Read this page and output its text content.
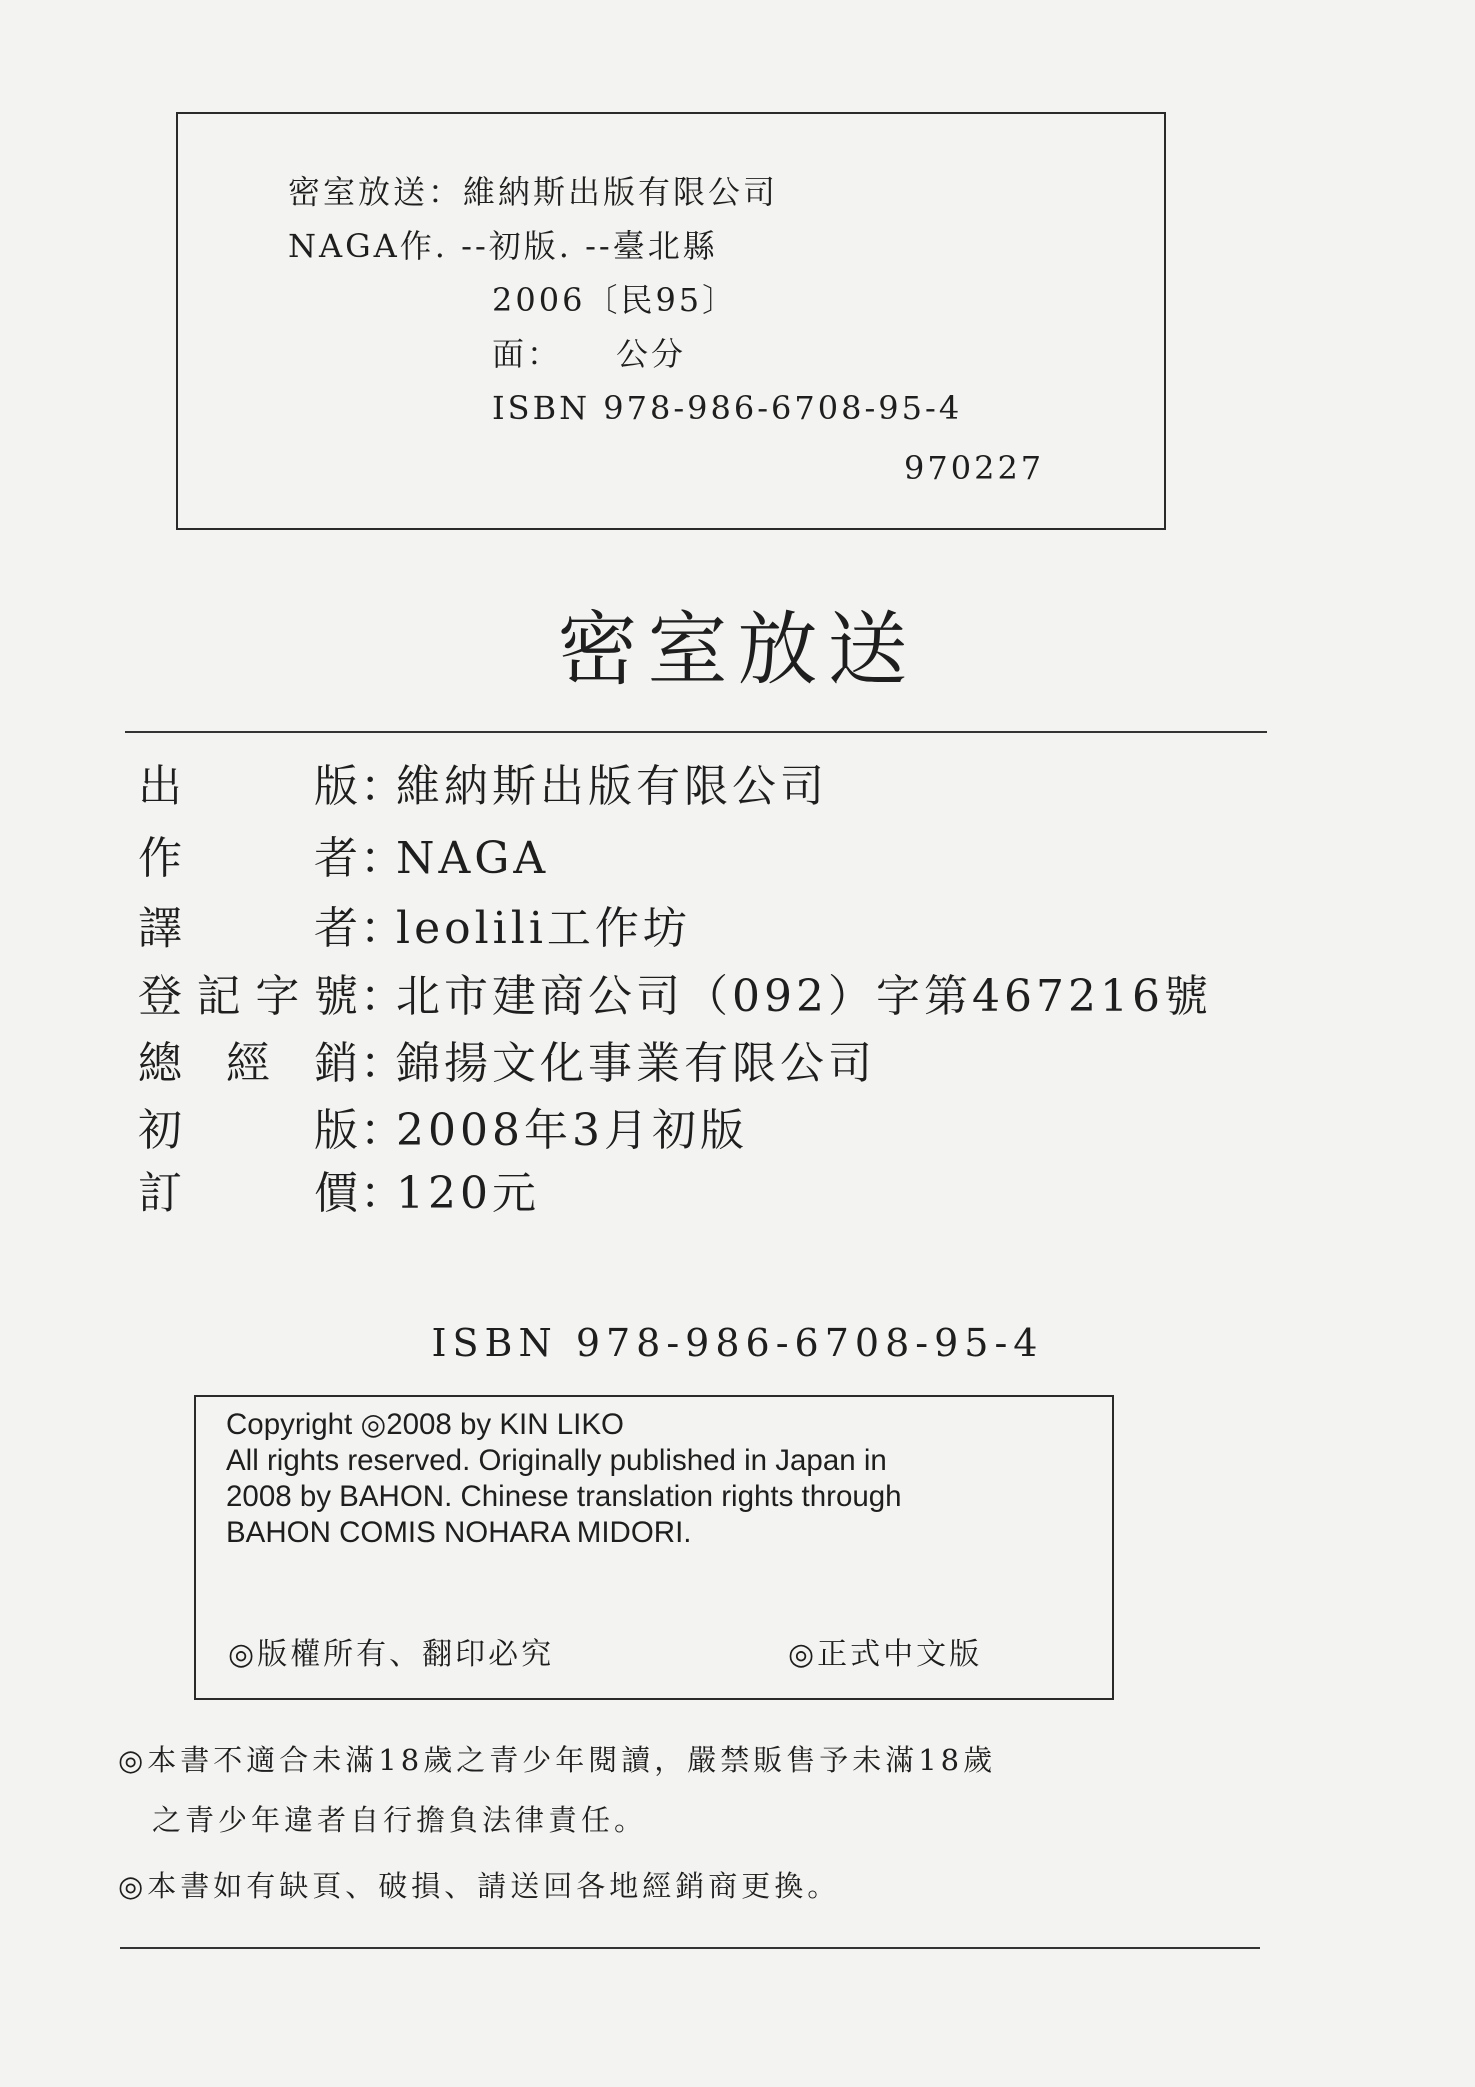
密室放送：維納斯出版有限公司
NAGA作. --初版. --臺北縣
2006〔民95〕
面：　　公分
ISBN 978-986-6708-95-4
970227
密室放送
出	版 ：
維納斯出版有限公司
作	者 ：
NAGA
譯	者 ：
leolili工作坊
登 記 字 號 ：
北市建商公司（092）字第467216號
總 經 銷 ：
錦揚文化事業有限公司
初	版 ：
2008年3月初版
訂	價 ：
120元
ISBN 978-986-6708-95-4
Copyright ◎2008 by KIN LIKO
All rights reserved. Originally published in Japan in
2008 by BAHON. Chinese translation rights through
BAHON COMIS NOHARA MIDORI.
◎版權所有、翻印必究	◎正式中文版
◎本書不適合未滿18歲之青少年閱讀，嚴禁販售予未滿18歲
之青少年違者自行擔負法律責任。
◎本書如有缺頁、破損、請送回各地經銷商更換。
